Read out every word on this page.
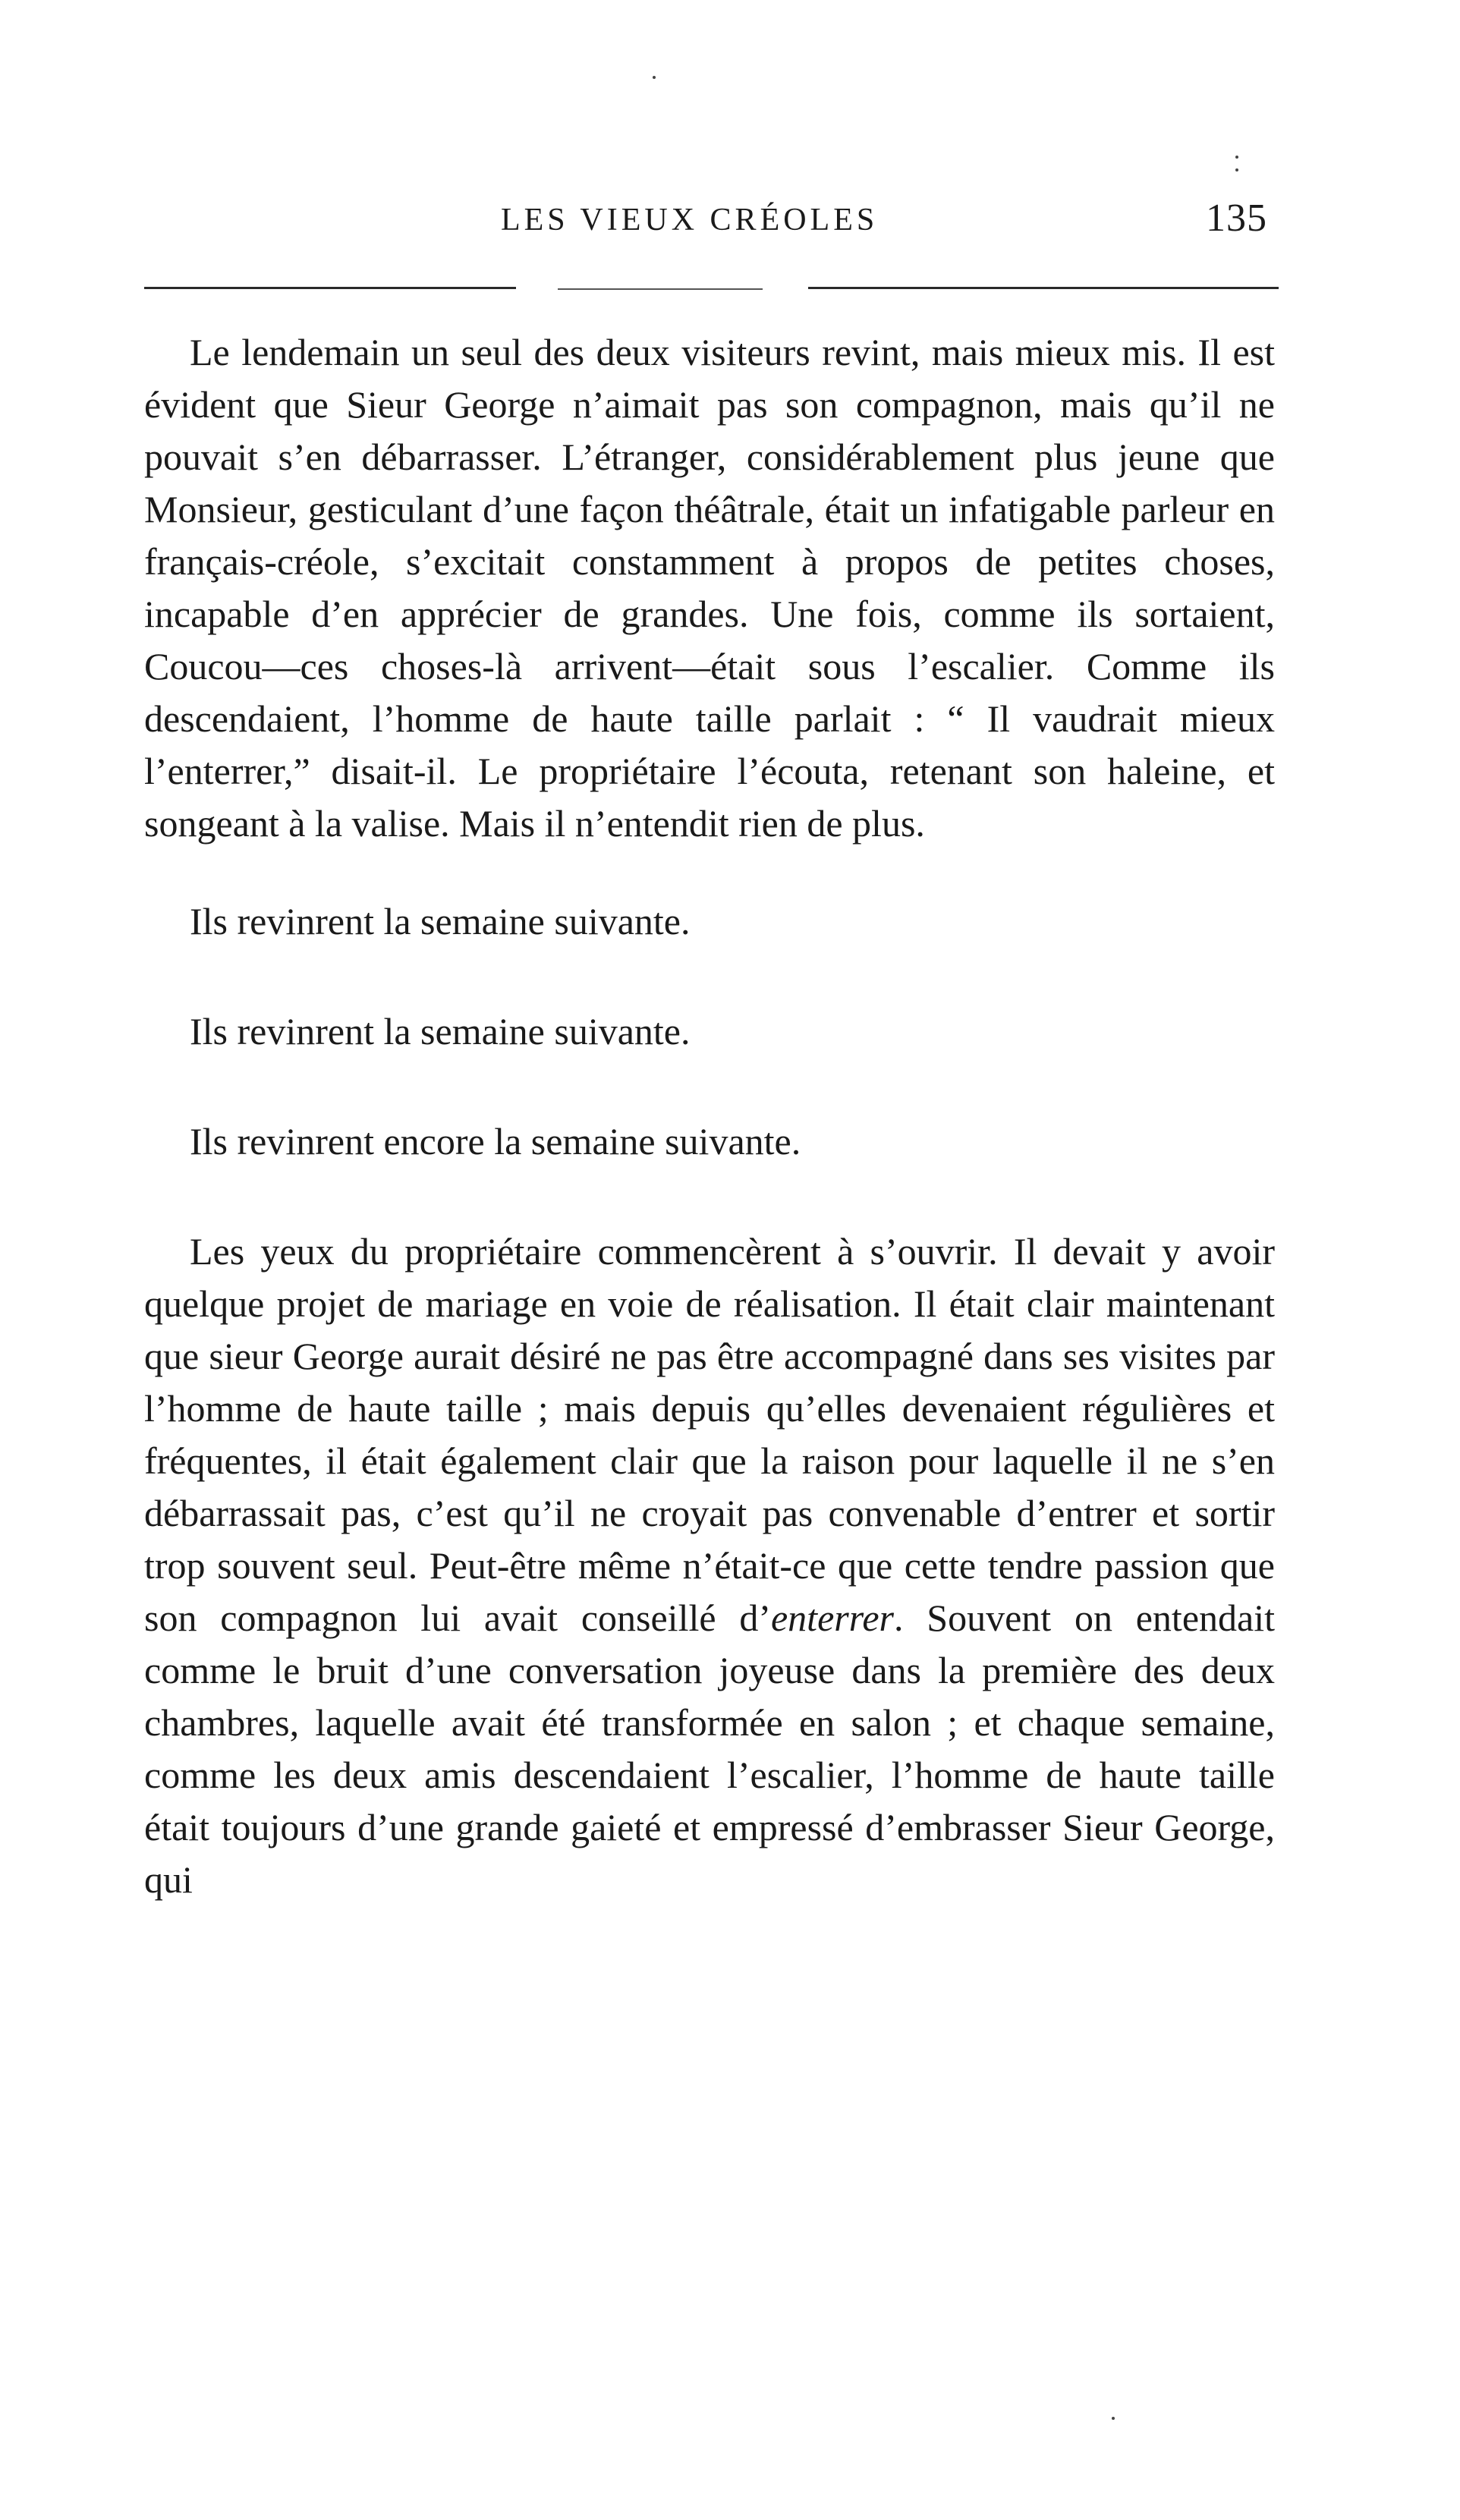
LES VIEUX CRÉOLES	135

Le lendemain un seul des deux visiteurs revint, mais mieux mis. Il est évident que Sieur George n’aimait pas son compagnon, mais qu’il ne pouvait s’en débarrasser. L’étranger, considérablement plus jeune que Monsieur, gesticulant d’une façon théâtrale, était un infatigable parleur en français-créole, s’excitait constamment à propos de petites choses, incapable d’en apprécier de grandes. Une fois, comme ils sortaient, Coucou—ces choses-là arrivent—était sous l’escalier. Comme ils descendaient, l’homme de haute taille parlait : “ Il vaudrait mieux l’enterrer,” disait-il. Le propriétaire l’écouta, retenant son haleine, et songeant à la valise. Mais il n’entendit rien de plus.

Ils revinrent la semaine suivante.

Ils revinrent la semaine suivante.

Ils revinrent encore la semaine suivante.

Les yeux du propriétaire commencèrent à s’ouvrir. Il devait y avoir quelque projet de mariage en voie de réalisation. Il était clair maintenant que sieur George aurait désiré ne pas être accompagné dans ses visites par l’homme de haute taille ; mais depuis qu’elles devenaient régulières et fréquentes, il était également clair que la raison pour laquelle il ne s’en débarrassait pas, c’est qu’il ne croyait pas convenable d’entrer et sortir trop souvent seul. Peut-être même n’était-ce que cette tendre passion que son compagnon lui avait conseillé d’enterrer. Souvent on entendait comme le bruit d’une conversation joyeuse dans la première des deux chambres, laquelle avait été transformée en salon ; et chaque semaine, comme les deux amis descendaient l’escalier, l’homme de haute taille était toujours d’une grande gaieté et empressé d’embrasser Sieur George, qui
